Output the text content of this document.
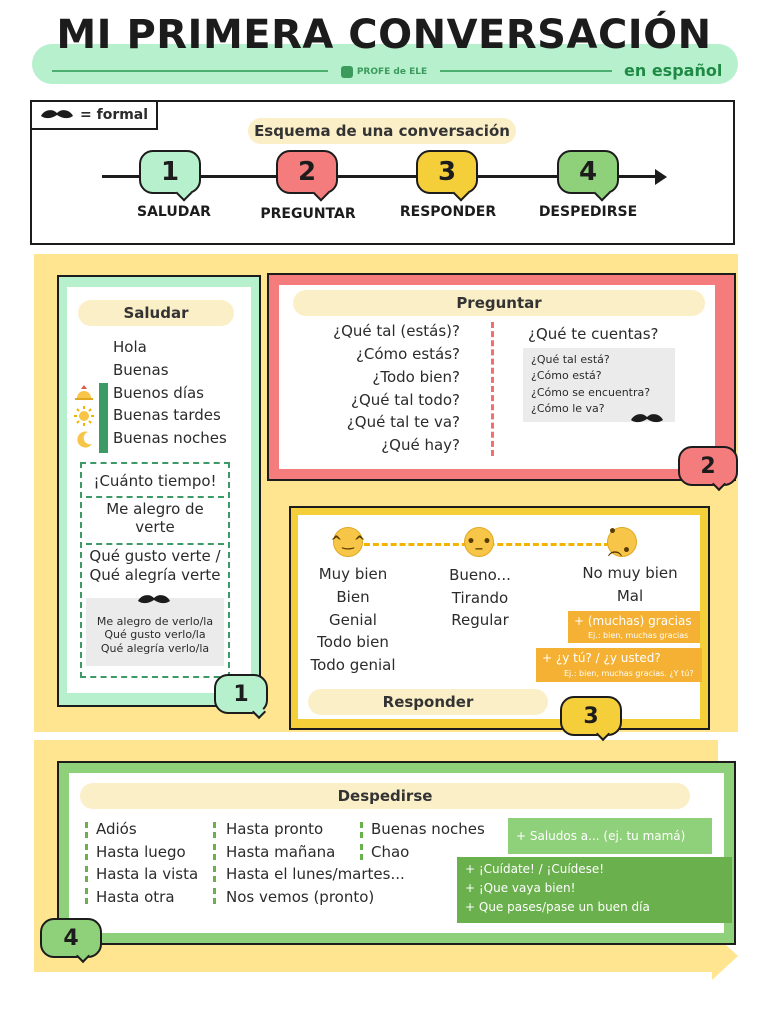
MI PRIMERA CONVERSACIÓN
PROFE de ELE	en español
= formal
Esquema de una conversación
1
SALUDAR
2
PREGUNTAR
3
RESPONDER
4
DESPEDIRSE
Saludar
Hola
Buenas
Buenos días
Buenas tardes
Buenas noches
¡Cuánto tiempo!
Me alegro de
verte
Qué gusto verte /
Qué alegría verte
Me alegro de verlo/la
Qué gusto verlo/la
Qué alegría verlo/la
1
Preguntar
¿Qué tal (estás)?
¿Cómo estás?
¿Todo bien?
¿Qué tal todo?
¿Qué tal te va?
¿Qué hay?
¿Qué te cuentas?
¿Qué tal está?
¿Cómo está?
¿Cómo se encuentra?
¿Cómo le va?
2
^‿^	•_•
•︵•
Muy bien
Bien
Genial
Todo bien
Todo genial
Bueno...
Tirando
Regular
No muy bien
Mal
+ (muchas) gracias
Ej.: bien, muchas gracias
+ ¿y tú? / ¿y usted?
Ej.: bien, muchas gracias. ¿Y tú?
Responder
3
Despedirse
Adiós
Hasta luego
Hasta la vista
Hasta otra
Hasta pronto
Hasta mañana
Hasta el lunes/martes...
Nos vemos (pronto)
Buenas noches
Chao
+ Saludos a... (ej. tu mamá)
+ ¡Cuídate! / ¡Cuídese!
+ ¡Que vaya bien!
+ Que pases/pase un buen día
4
